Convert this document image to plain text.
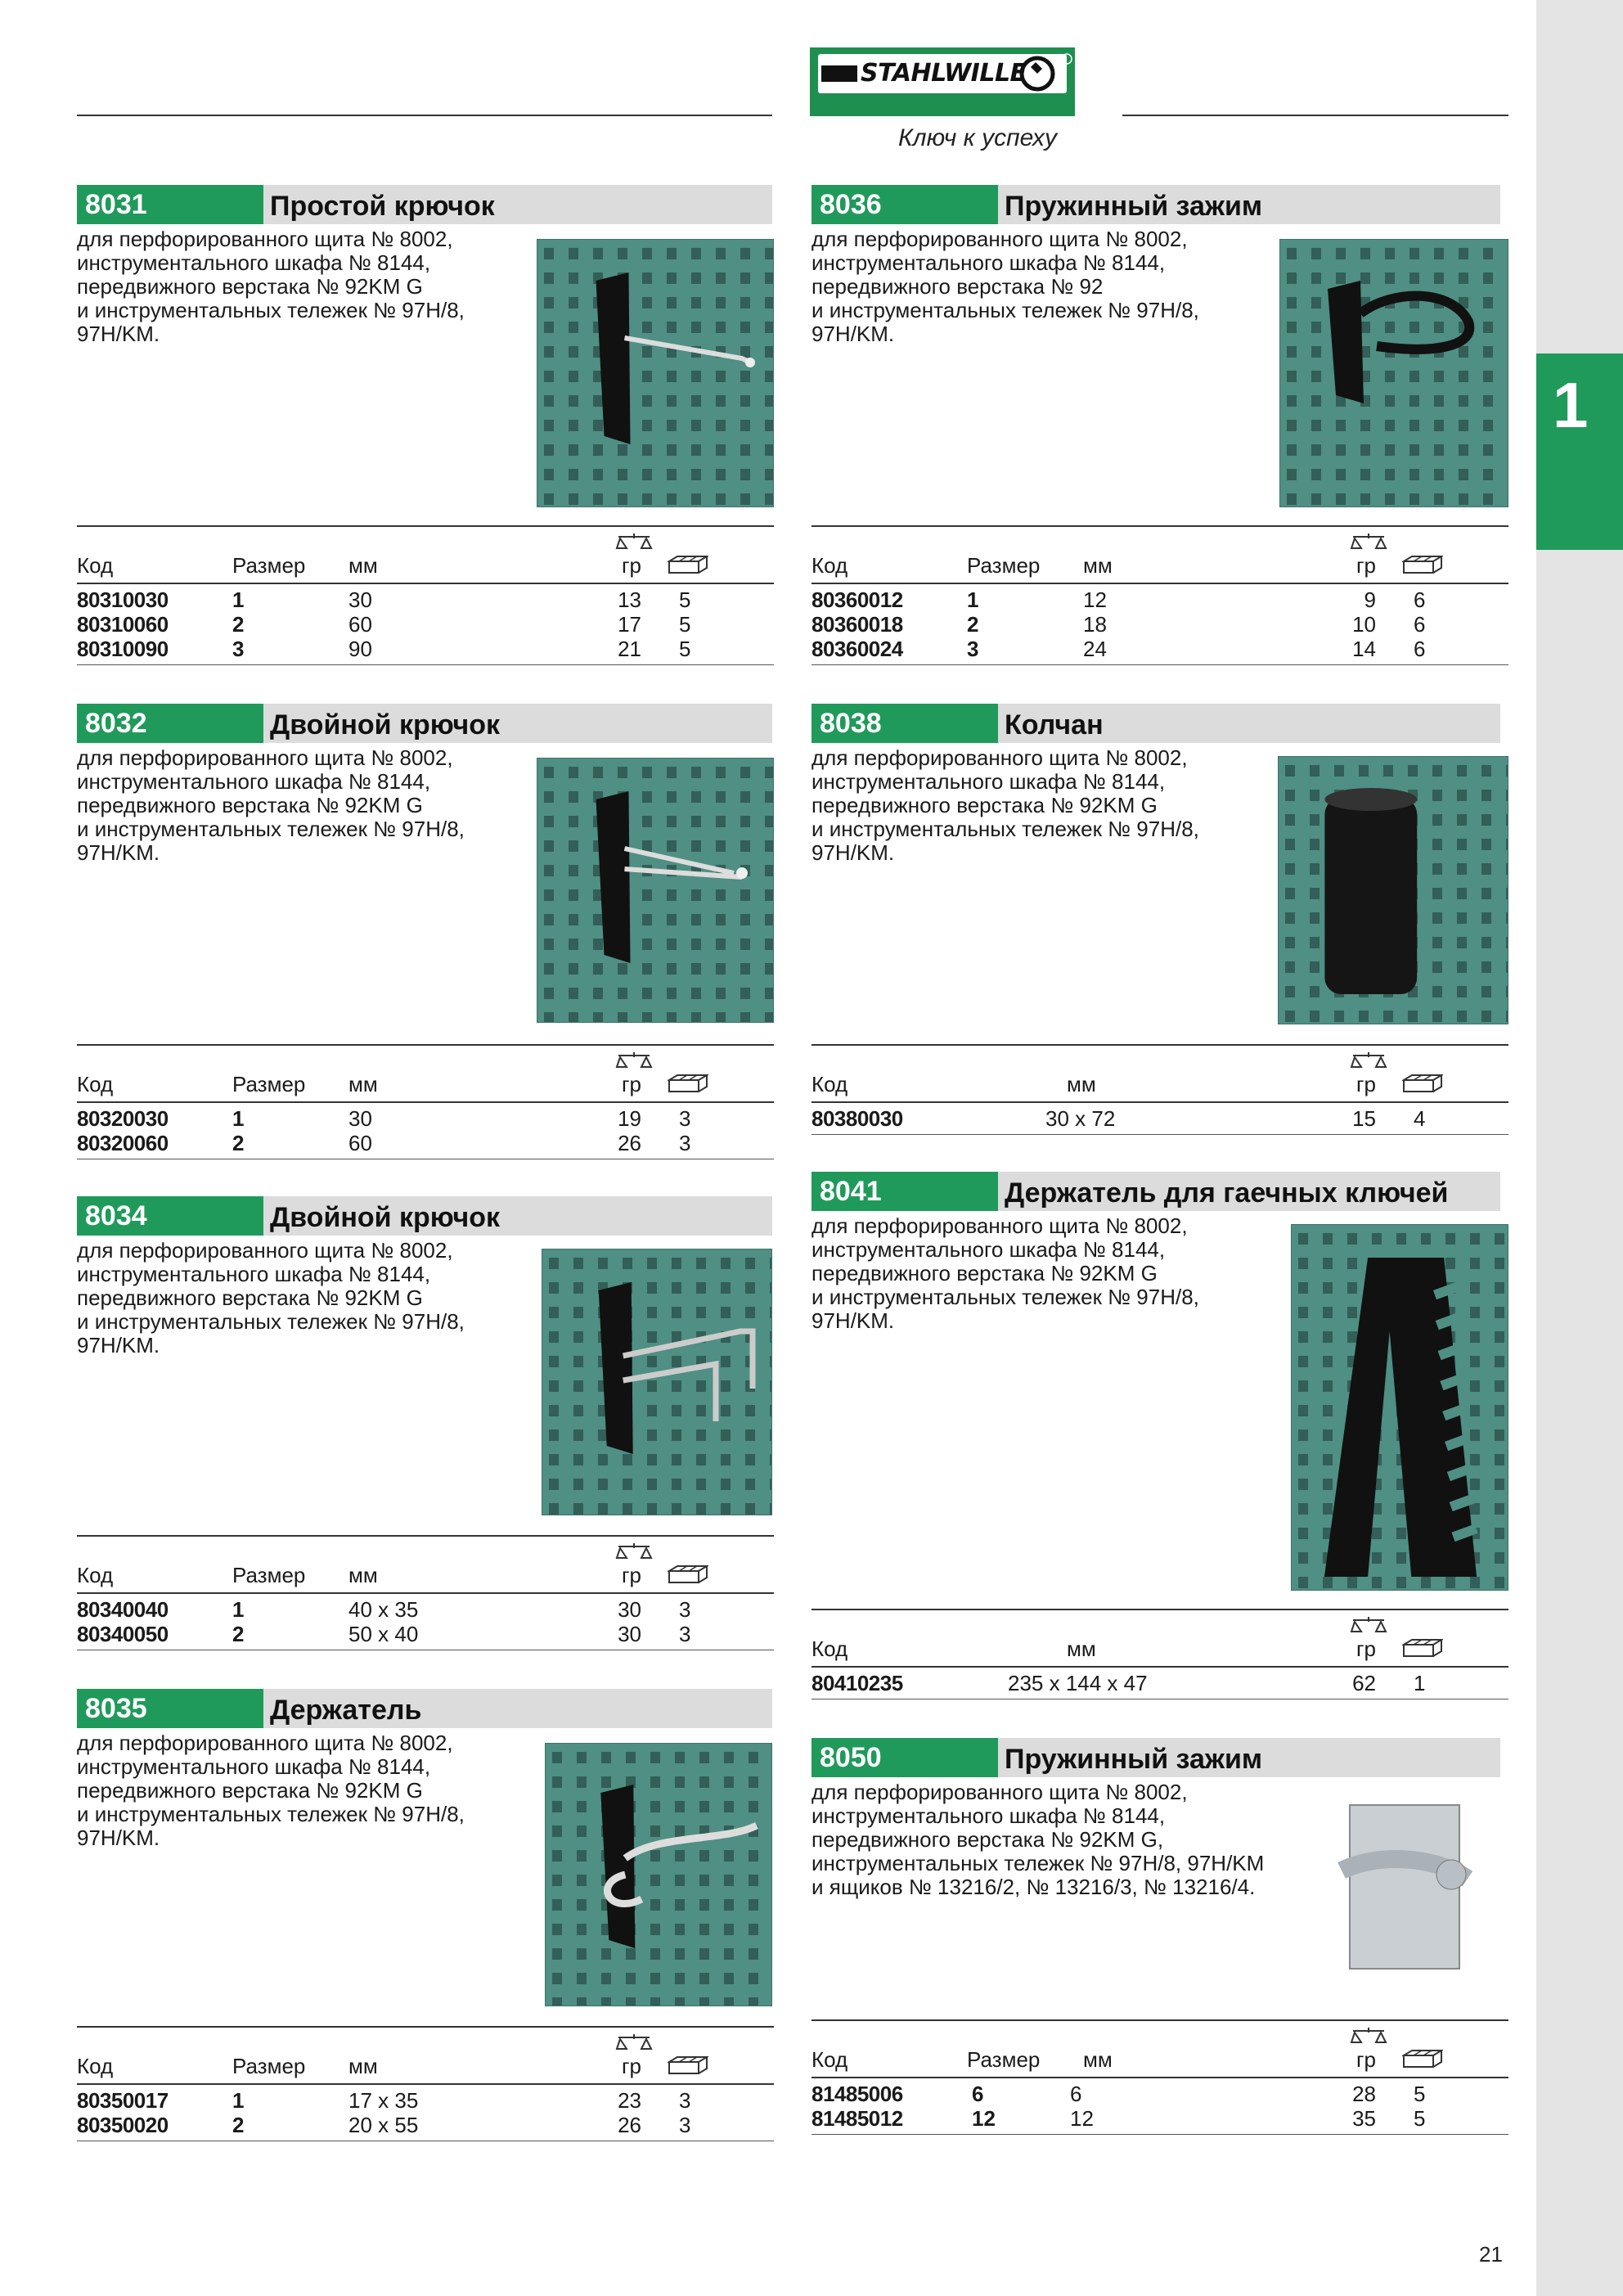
1
STAHLWILLE
Ключ к успеху
8031	Простой крючок
для перфорированного щита № 8002,
инструментального шкафа № 8144,
передвижного верстака № 92KM G
и инструментальных тележек № 97H/8,
97H/KM.
Код	Размер мм	гр
80310030	1	30	13 5
80310060	2	60	17 5
80310090	3	90	21 5
8032	Двойной крючок
для перфорированного щита № 8002,
инструментального шкафа № 8144,
передвижного верстака № 92KM G
и инструментальных тележек № 97H/8,
97H/KM.
Код	Размер мм	гр
80320030	1	30	19 3
80320060	2	60	26 3
8034	Двойной крючок
для перфорированного щита № 8002,
инструментального шкафа № 8144,
передвижного верстака № 92KM G
и инструментальных тележек № 97H/8,
97H/KM.
Код	Размер мм	гр
80340040	1	40 x 35	30 3
80340050	2	50 x 40	30 3
8035	Держатель
для перфорированного щита № 8002,
инструментального шкафа № 8144,
передвижного верстака № 92KM G
и инструментальных тележек № 97H/8,
97H/KM.
Код	Размер мм	гр
80350017	1	17 x 35	23 3
80350020	2	20 x 55	26 3
8036	Пружинный зажим
для перфорированного щита № 8002,
инструментального шкафа № 8144,
передвижного верстака № 92
и инструментальных тележек № 97H/8,
97H/KM.
Код	Размер мм	гр
80360012	1	12	9 6
80360018	2	18	10 6
80360024	3	24	14 6
8038	Колчан
для перфорированного щита № 8002,
инструментального шкафа № 8144,
передвижного верстака № 92KM G
и инструментальных тележек № 97H/8,
97H/KM.
Код	мм	гр
80380030	30 x 72	15 4
8041	Держатель для гаечных ключей
для перфорированного щита № 8002,
инструментального шкафа № 8144,
передвижного верстака № 92KM G
и инструментальных тележек № 97H/8,
97H/KM.
Код	мм	гр
80410235	235 x 144 x 47	62 1
8050	Пружинный зажим
для перфорированного щита № 8002,
инструментального шкафа № 8144,
передвижного верстака № 92KM G,
инструментальных тележек № 97H/8, 97H/KM
и ящиков № 13216/2, № 13216/3, № 13216/4.
Код	Размер мм	гр
81485006	6	6	28 5
81485012	12	12	35 5
21
